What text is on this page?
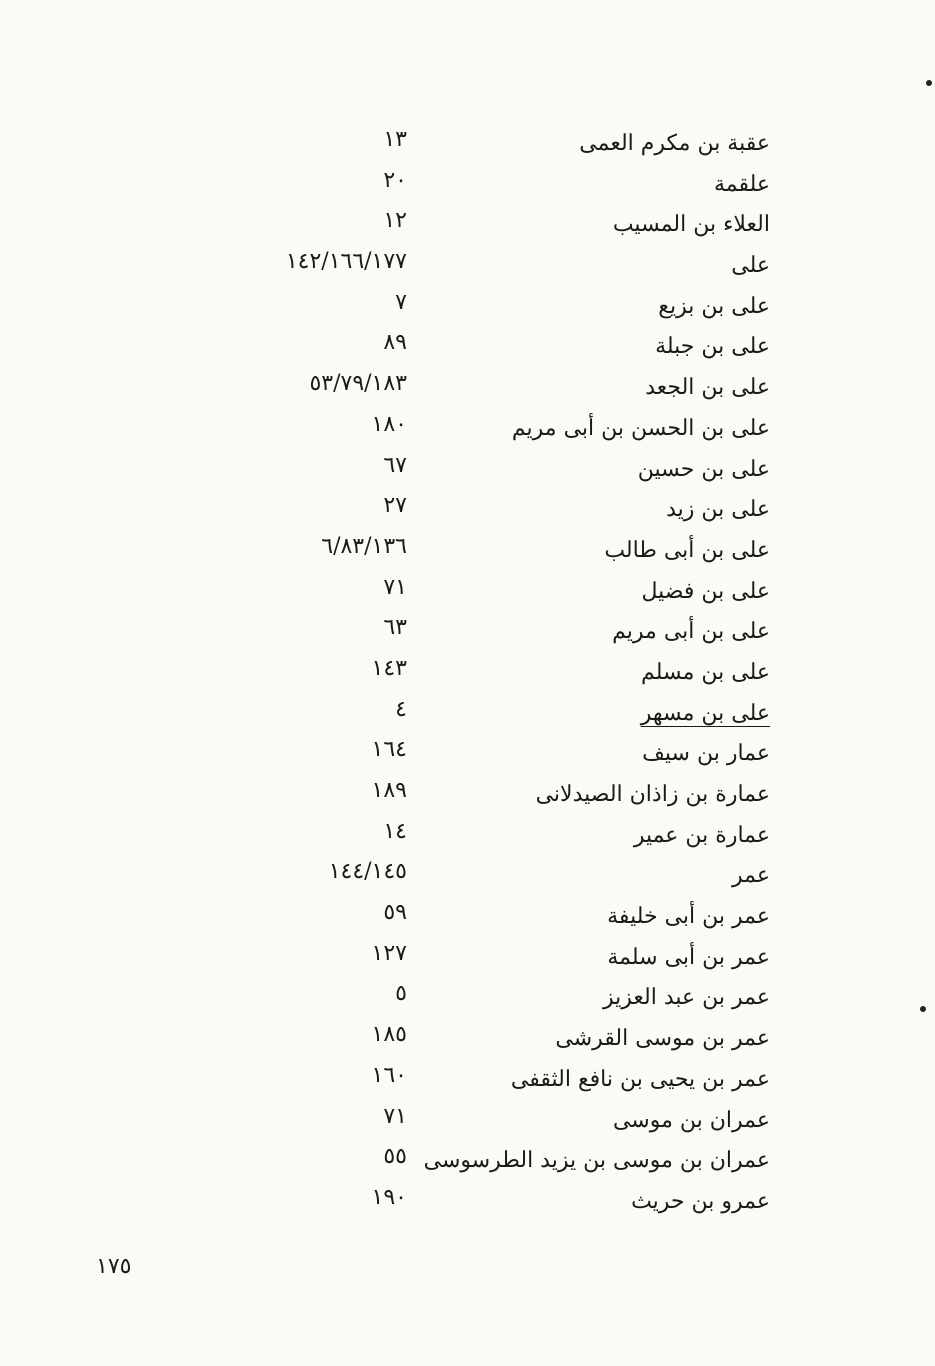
عقبة بن مكرم العمى
١٣
علقمة
٢٠
العلاء بن المسيب
١٢
على
١٤٢/١٦٦/١٧٧
على بن بزيع
٧
على بن جبلة
٨٩
على بن الجعد
٥٣/٧٩/١٨٣
على بن الحسن بن أبى مريم
١٨٠
على بن حسين
٦٧
على بن زيد
٢٧
على بن أبى طالب
٦/٨٣/١٣٦
على بن فضيل
٧١
على بن أبى مريم
٦٣
على بن مسلم
١٤٣
على بن مسهر
٤
عمار بن سيف
١٦٤
عمارة بن زاذان الصيدلانى
١٨٩
عمارة بن عمير
١٤
عمر
١٤٤/١٤٥
عمر بن أبى خليفة
٥٩
عمر بن أبى سلمة
١٢٧
عمر بن عبد العزيز
٥
عمر بن موسى القرشى
١٨٥
عمر بن يحيى بن نافع الثقفى
١٦٠
عمران بن موسى
٧١
عمران بن موسى بن يزيد الطرسوسى
٥٥
عمرو بن حريث
١٩٠
١٧٥
